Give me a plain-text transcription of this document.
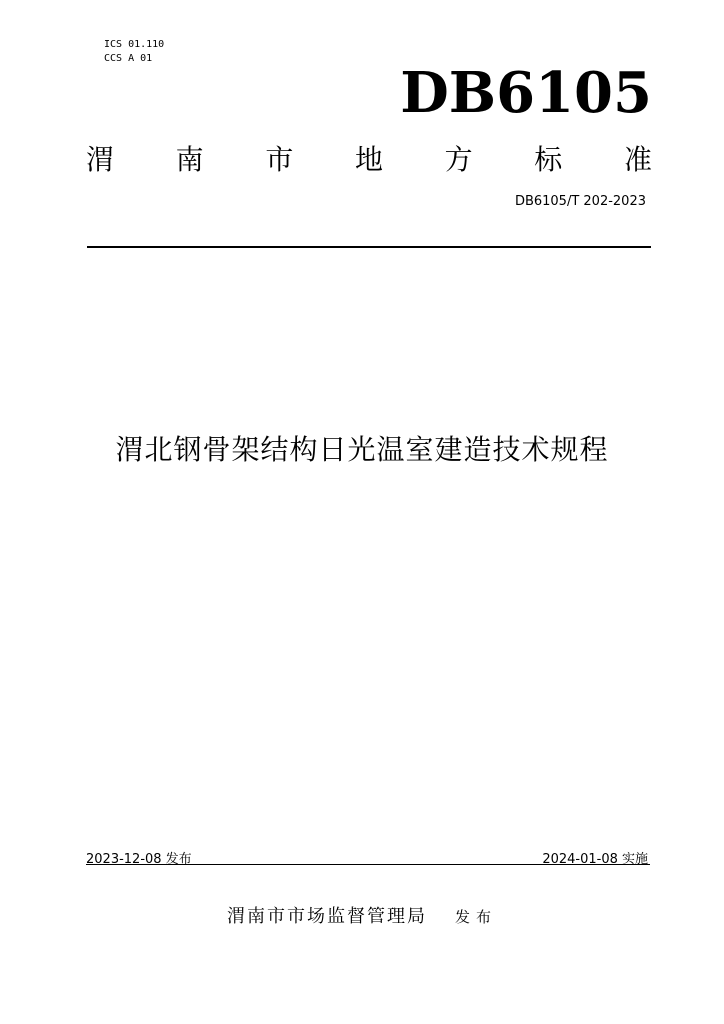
ICS 01.110
CCS A 01
DB6105
渭 南 市 地 方 标 准
DB6105/T 202-2023
渭北钢骨架结构日光温室建造技术规程
2023-12-08 发布	2024-01-08 实施
渭南市市场监督管理局 发布
